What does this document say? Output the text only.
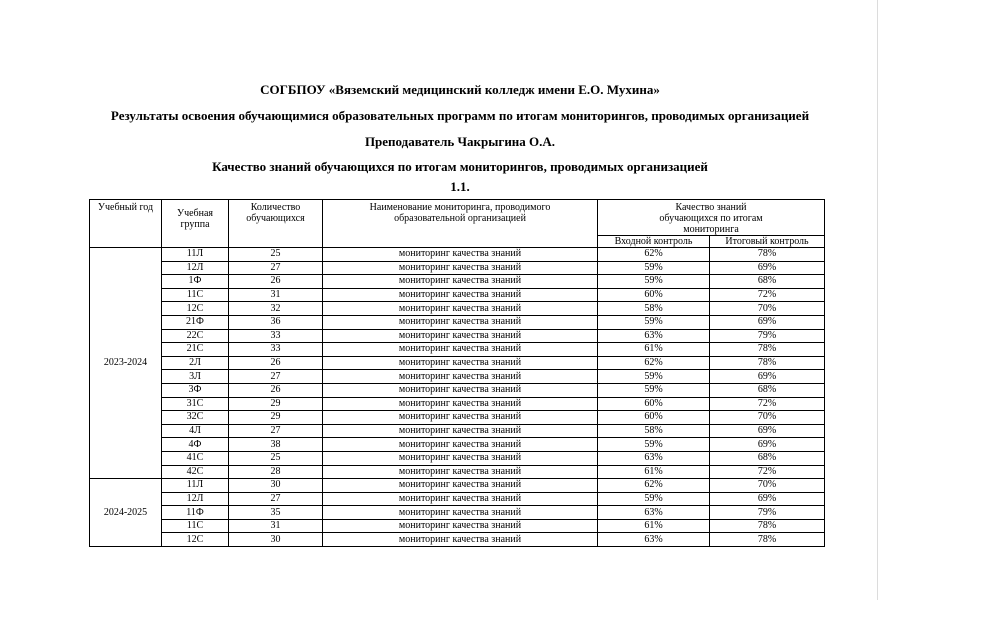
СОГБПОУ «Вяземский медицинский колледж имени Е.О. Мухина»
Результаты освоения обучающимися образовательных программ по итогам мониторингов, проводимых организацией
Преподаватель Чакрыгина О.А.
Качество знаний обучающихся по итогам мониторингов, проводимых организацией
1.1.
Учебный год	Учебная группа	Количество обучающихся	Наименование мониторинга, проводимого образовательной организацией	Качество знаний обучающихся по итогам мониторинга	
				Входной контроль	Итоговый контроль
2023-2024	11Л	25	мониторинг качества знаний	62%	78%
	12Л	27	мониторинг качества знаний	59%	69%
	1Ф	26	мониторинг качества знаний	59%	68%
	11С	31	мониторинг качества знаний	60%	72%
	12С	32	мониторинг качества знаний	58%	70%
	21Ф	36	мониторинг качества знаний	59%	69%
	22С	33	мониторинг качества знаний	63%	79%
	21С	33	мониторинг качества знаний	61%	78%
	2Л	26	мониторинг качества знаний	62%	78%
	3Л	27	мониторинг качества знаний	59%	69%
	3Ф	26	мониторинг качества знаний	59%	68%
	31С	29	мониторинг качества знаний	60%	72%
	32С	29	мониторинг качества знаний	60%	70%
	4Л	27	мониторинг качества знаний	58%	69%
	4Ф	38	мониторинг качества знаний	59%	69%
	41С	25	мониторинг качества знаний	63%	68%
	42С	28	мониторинг качества знаний	61%	72%
2024-2025	11Л	30	мониторинг качества знаний	62%	70%
	12Л	27	мониторинг качества знаний	59%	69%
	11Ф	35	мониторинг качества знаний	63%	79%
	11С	31	мониторинг качества знаний	61%	78%
	12С	30	мониторинг качества знаний	63%	78%
